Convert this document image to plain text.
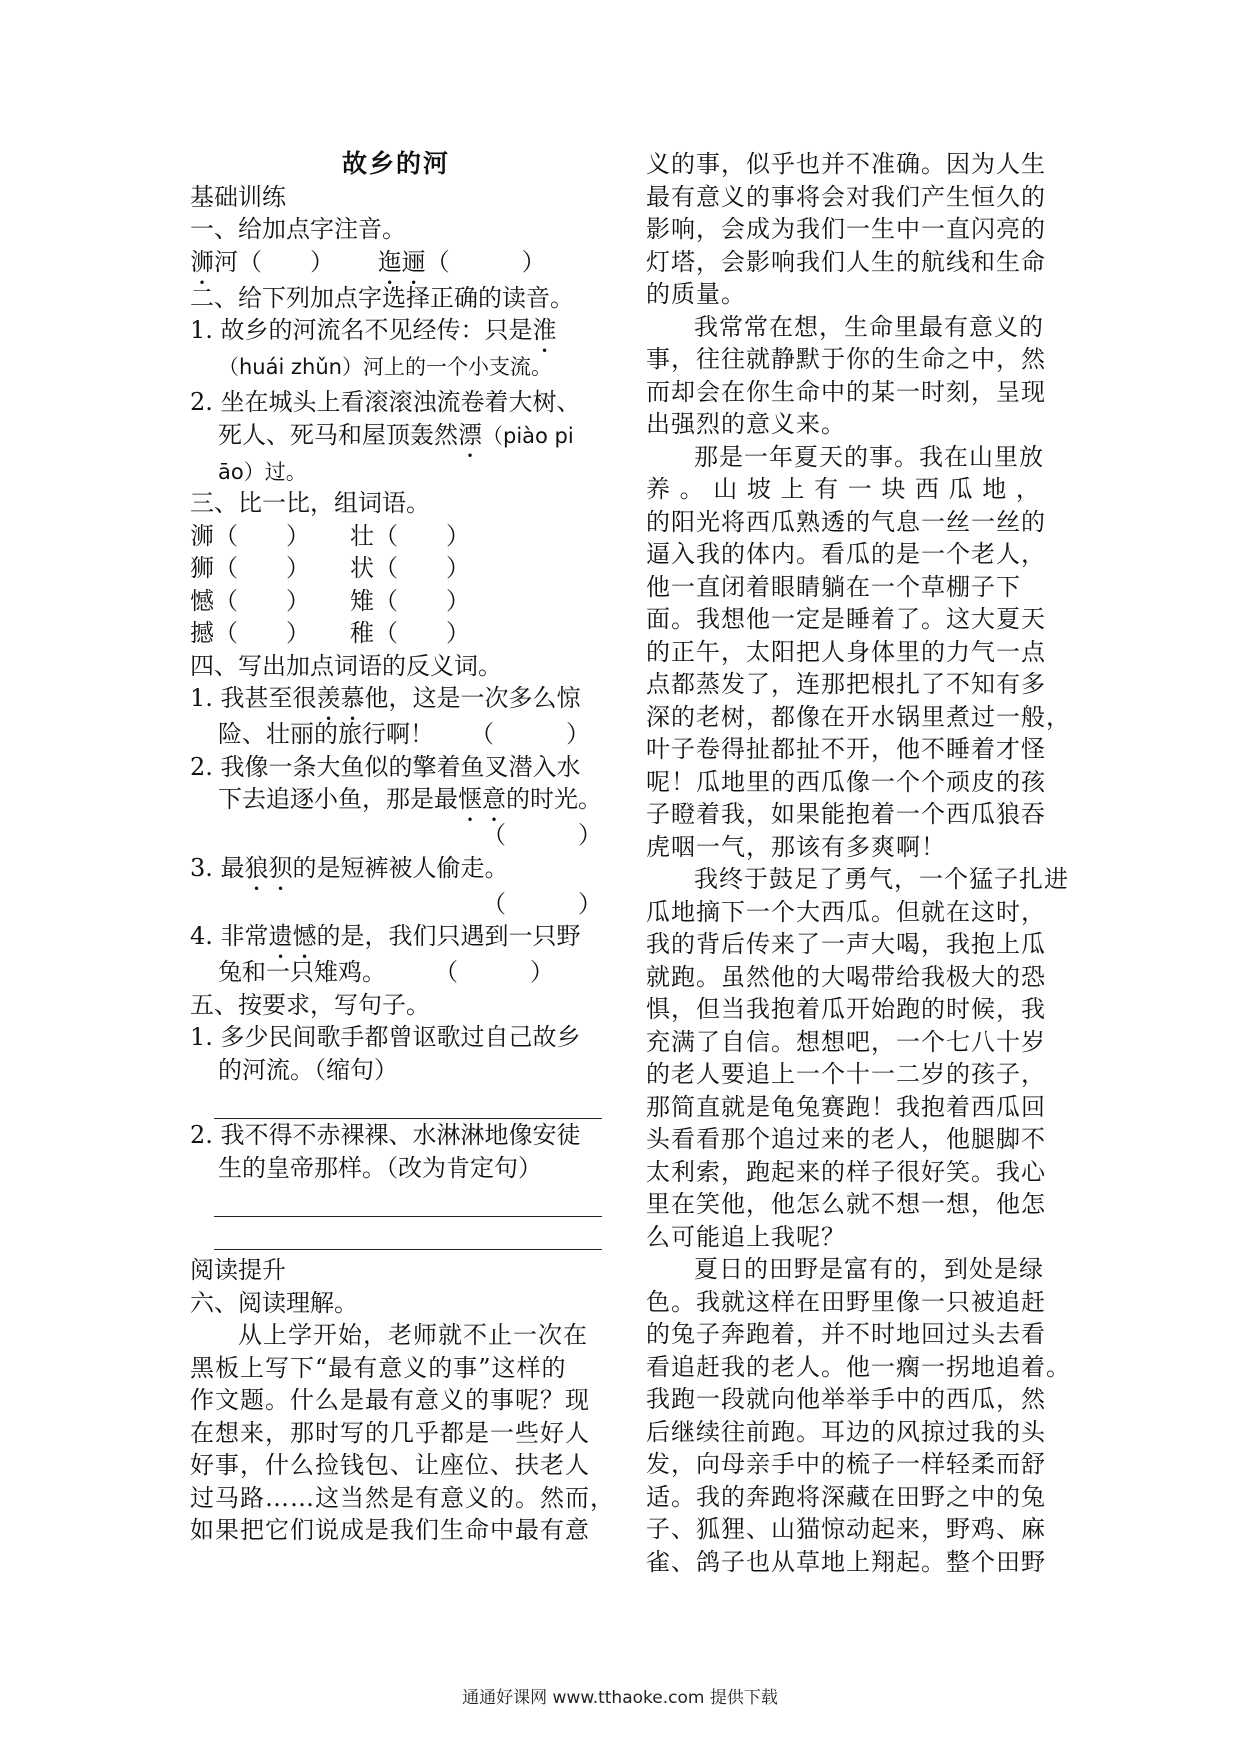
故乡的河
基础训练
一、给加点字注音。
浉河（　　）　　 迤逦（　　　）
二、给下列加点字选择正确的读音。
1. 故乡的河流名不见经传：只是淮
（huái zhǔn）河上的一个小支流。
2. 坐在城头上看滚滚浊流卷着大树、
死人、死马和屋顶轰然漂（piào pi
āo）过。
三、比一比，组词语。
浉（　　） 壮（　　）
狮（　　） 状（　　）
憾（　　） 雉（　　）
撼（　　） 稚（　　）
四、写出加点词语的反义词。
1. 我甚至很羡慕他，这是一次多么惊
险、壮丽的旅行啊！　　（　　　）
2. 我像一条大鱼似的擎着鱼叉潜入水
下去追逐小鱼，那是最惬意的时光。
（　　　）
3. 最狼狈的是短裤被人偷走。
（　　　）
4. 非常遗憾的是，我们只遇到一只野
兔和一只雉鸡。　　　（　　　）
五、按要求，写句子。
1. 多少民间歌手都曾讴歌过自己故乡
的河流。（缩句）
2. 我不得不赤裸裸、水淋淋地像安徒
生的皇帝那样。（改为肯定句）
阅读提升
六、阅读理解。
从上学开始，老师就不止一次在
黑板上写下“最有意义的事”这样的
作文题。什么是最有意义的事呢？现
在想来，那时写的几乎都是一些好人
好事，什么捡钱包、让座位、扶老人
过马路……这当然是有意义的。然而，
如果把它们说成是我们生命中最有意
义的事，似乎也并不准确。因为人生
最有意义的事将会对我们产生恒久的
影响，会成为我们一生中一直闪亮的
灯塔，会影响我们人生的航线和生命
的质量。
我常常在想，生命里最有意义的
事，往往就静默于你的生命之中，然
而却会在你生命中的某一时刻，呈现
出强烈的意义来。
那是一年夏天的事。我在山里放
养 。 山 坡 上 有 一 块 西 瓜 地 ，
的阳光将西瓜熟透的气息一丝一丝的
逼入我的体内。看瓜的是一个老人，
他一直闭着眼睛躺在一个草棚子下
面。我想他一定是睡着了。这大夏天
的正午，太阳把人身体里的力气一点
点都蒸发了，连那把根扎了不知有多
深的老树，都像在开水锅里煮过一般，
叶子卷得扯都扯不开，他不睡着才怪
呢！瓜地里的西瓜像一个个顽皮的孩
子瞪着我，如果能抱着一个西瓜狼吞
虎咽一气，那该有多爽啊！
我终于鼓足了勇气，一个猛子扎进
瓜地摘下一个大西瓜。但就在这时，
我的背后传来了一声大喝，我抱上瓜
就跑。虽然他的大喝带给我极大的恐
惧，但当我抱着瓜开始跑的时候，我
充满了自信。想想吧，一个七八十岁
的老人要追上一个十一二岁的孩子，
那简直就是龟兔赛跑！我抱着西瓜回
头看看那个追过来的老人，他腿脚不
太利索，跑起来的样子很好笑。我心
里在笑他，他怎么就不想一想，他怎
么可能追上我呢？
夏日的田野是富有的，到处是绿
色。我就这样在田野里像一只被追赶
的兔子奔跑着，并不时地回过头去看
看追赶我的老人。他一瘸一拐地追着。
我跑一段就向他举举手中的西瓜，然
后继续往前跑。耳边的风掠过我的头
发，向母亲手中的梳子一样轻柔而舒
适。我的奔跑将深藏在田野之中的兔
子、狐狸、山猫惊动起来，野鸡、麻
雀、鸽子也从草地上翔起。整个田野
通通好课网 www.tthaoke.com 提供下载
